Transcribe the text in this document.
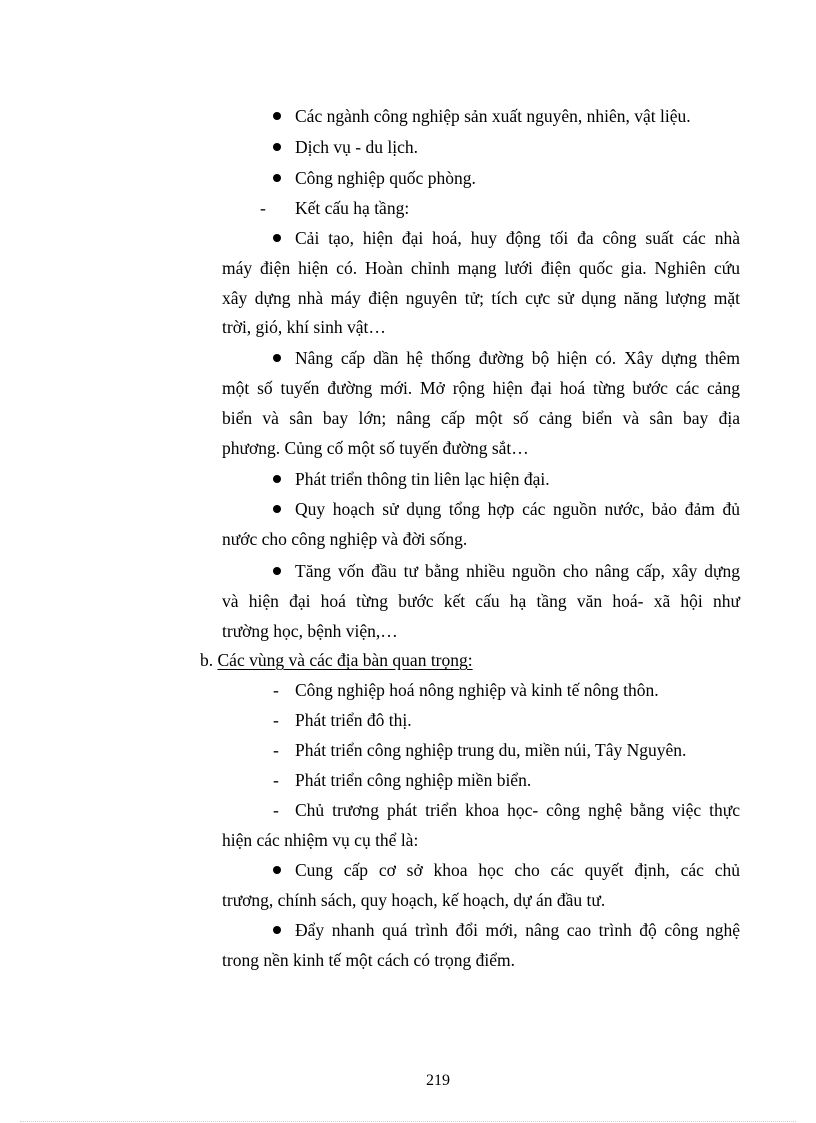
Các ngành công nghiệp sản xuất nguyên, nhiên, vật liệu.
Dịch vụ - du lịch.
Công nghiệp quốc phòng.
- Kết cấu hạ tầng:
Cải tạo, hiện đại hoá, huy động tối đa công suất các nhà
máy điện hiện có. Hoàn chỉnh mạng lưới điện quốc gia. Nghiên cứu
xây dựng nhà máy điện nguyên tử; tích cực sử dụng năng lượng mặt
trời, gió, khí sinh vật…
Nâng cấp dần hệ thống đường bộ hiện có. Xây dựng thêm
một số tuyến đường mới. Mở rộng hiện đại hoá từng bước các cảng
biển và sân bay lớn; nâng cấp một số cảng biển và sân bay địa
phương. Củng cố một số tuyến đường sắt…
Phát triển thông tin liên lạc hiện đại.
Quy hoạch sử dụng tổng hợp các nguồn nước, bảo đảm đủ
nước cho công nghiệp và đời sống.
Tăng vốn đầu tư bằng nhiều nguồn cho nâng cấp, xây dựng
và hiện đại hoá từng bước kết cấu hạ tầng văn hoá- xã hội như
trường học, bệnh viện,…
b. Các vùng và các địa bàn quan trọng:
- Công nghiệp hoá nông nghiệp và kinh tế nông thôn.
- Phát triển đô thị.
- Phát triển công nghiệp trung du, miền núi, Tây Nguyên.
- Phát triển công nghiệp miền biển.
- Chủ trương phát triển khoa học- công nghệ bằng việc thực
hiện các nhiệm vụ cụ thể là:
Cung cấp cơ sở khoa học cho các quyết định, các chủ
trương, chính sách, quy hoạch, kế hoạch, dự án đầu tư.
Đẩy nhanh quá trình đổi mới, nâng cao trình độ công nghệ
trong nền kinh tế một cách có trọng điểm.
219
